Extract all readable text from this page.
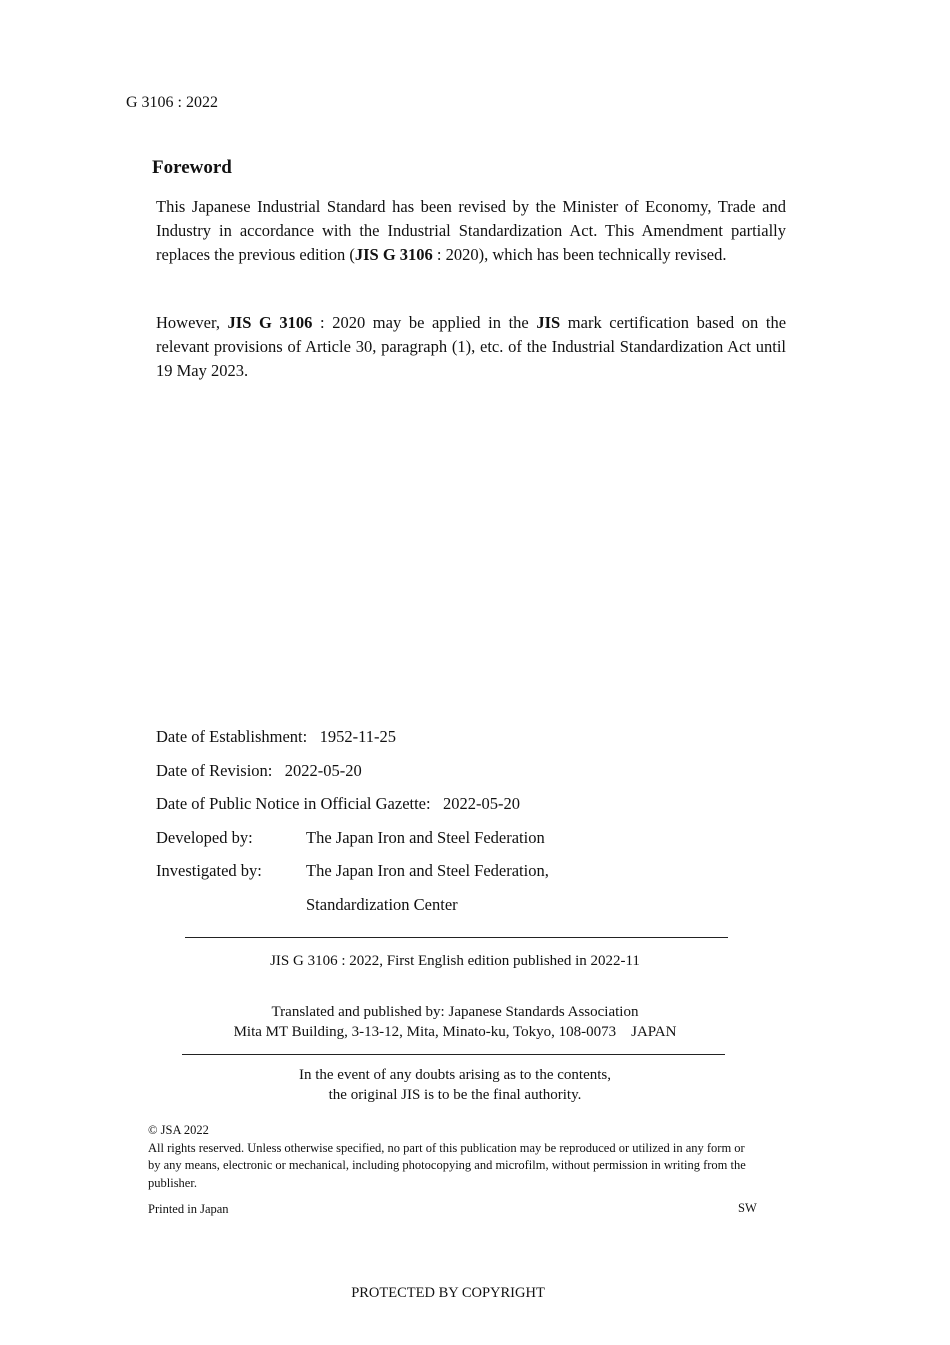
G 3106 : 2022
Foreword
This Japanese Industrial Standard has been revised by the Minister of Economy, Trade and Industry in accordance with the Industrial Standardization Act. This Amendment partially replaces the previous edition (JIS G 3106 : 2020), which has been technically revised.
However, JIS G 3106 : 2020 may be applied in the JIS mark certification based on the relevant provisions of Article 30, paragraph (1), etc. of the Industrial Standardization Act until 19 May 2023.
Date of Establishment: 1952-11-25
Date of Revision: 2022-05-20
Date of Public Notice in Official Gazette: 2022-05-20
Developed by:	The Japan Iron and Steel Federation
Investigated by:	The Japan Iron and Steel Federation,
Standardization Center
JIS G 3106 : 2022, First English edition published in 2022-11
Translated and published by: Japanese Standards Association
Mita MT Building, 3-13-12, Mita, Minato-ku, Tokyo, 108-0073    JAPAN
In the event of any doubts arising as to the contents,
the original JIS is to be the final authority.
© JSA 2022
All rights reserved. Unless otherwise specified, no part of this publication may be reproduced or utilized in any form or by any means, electronic or mechanical, including photocopying and microfilm, without permission in writing from the publisher.
Printed in Japan	SW
PROTECTED BY COPYRIGHT
